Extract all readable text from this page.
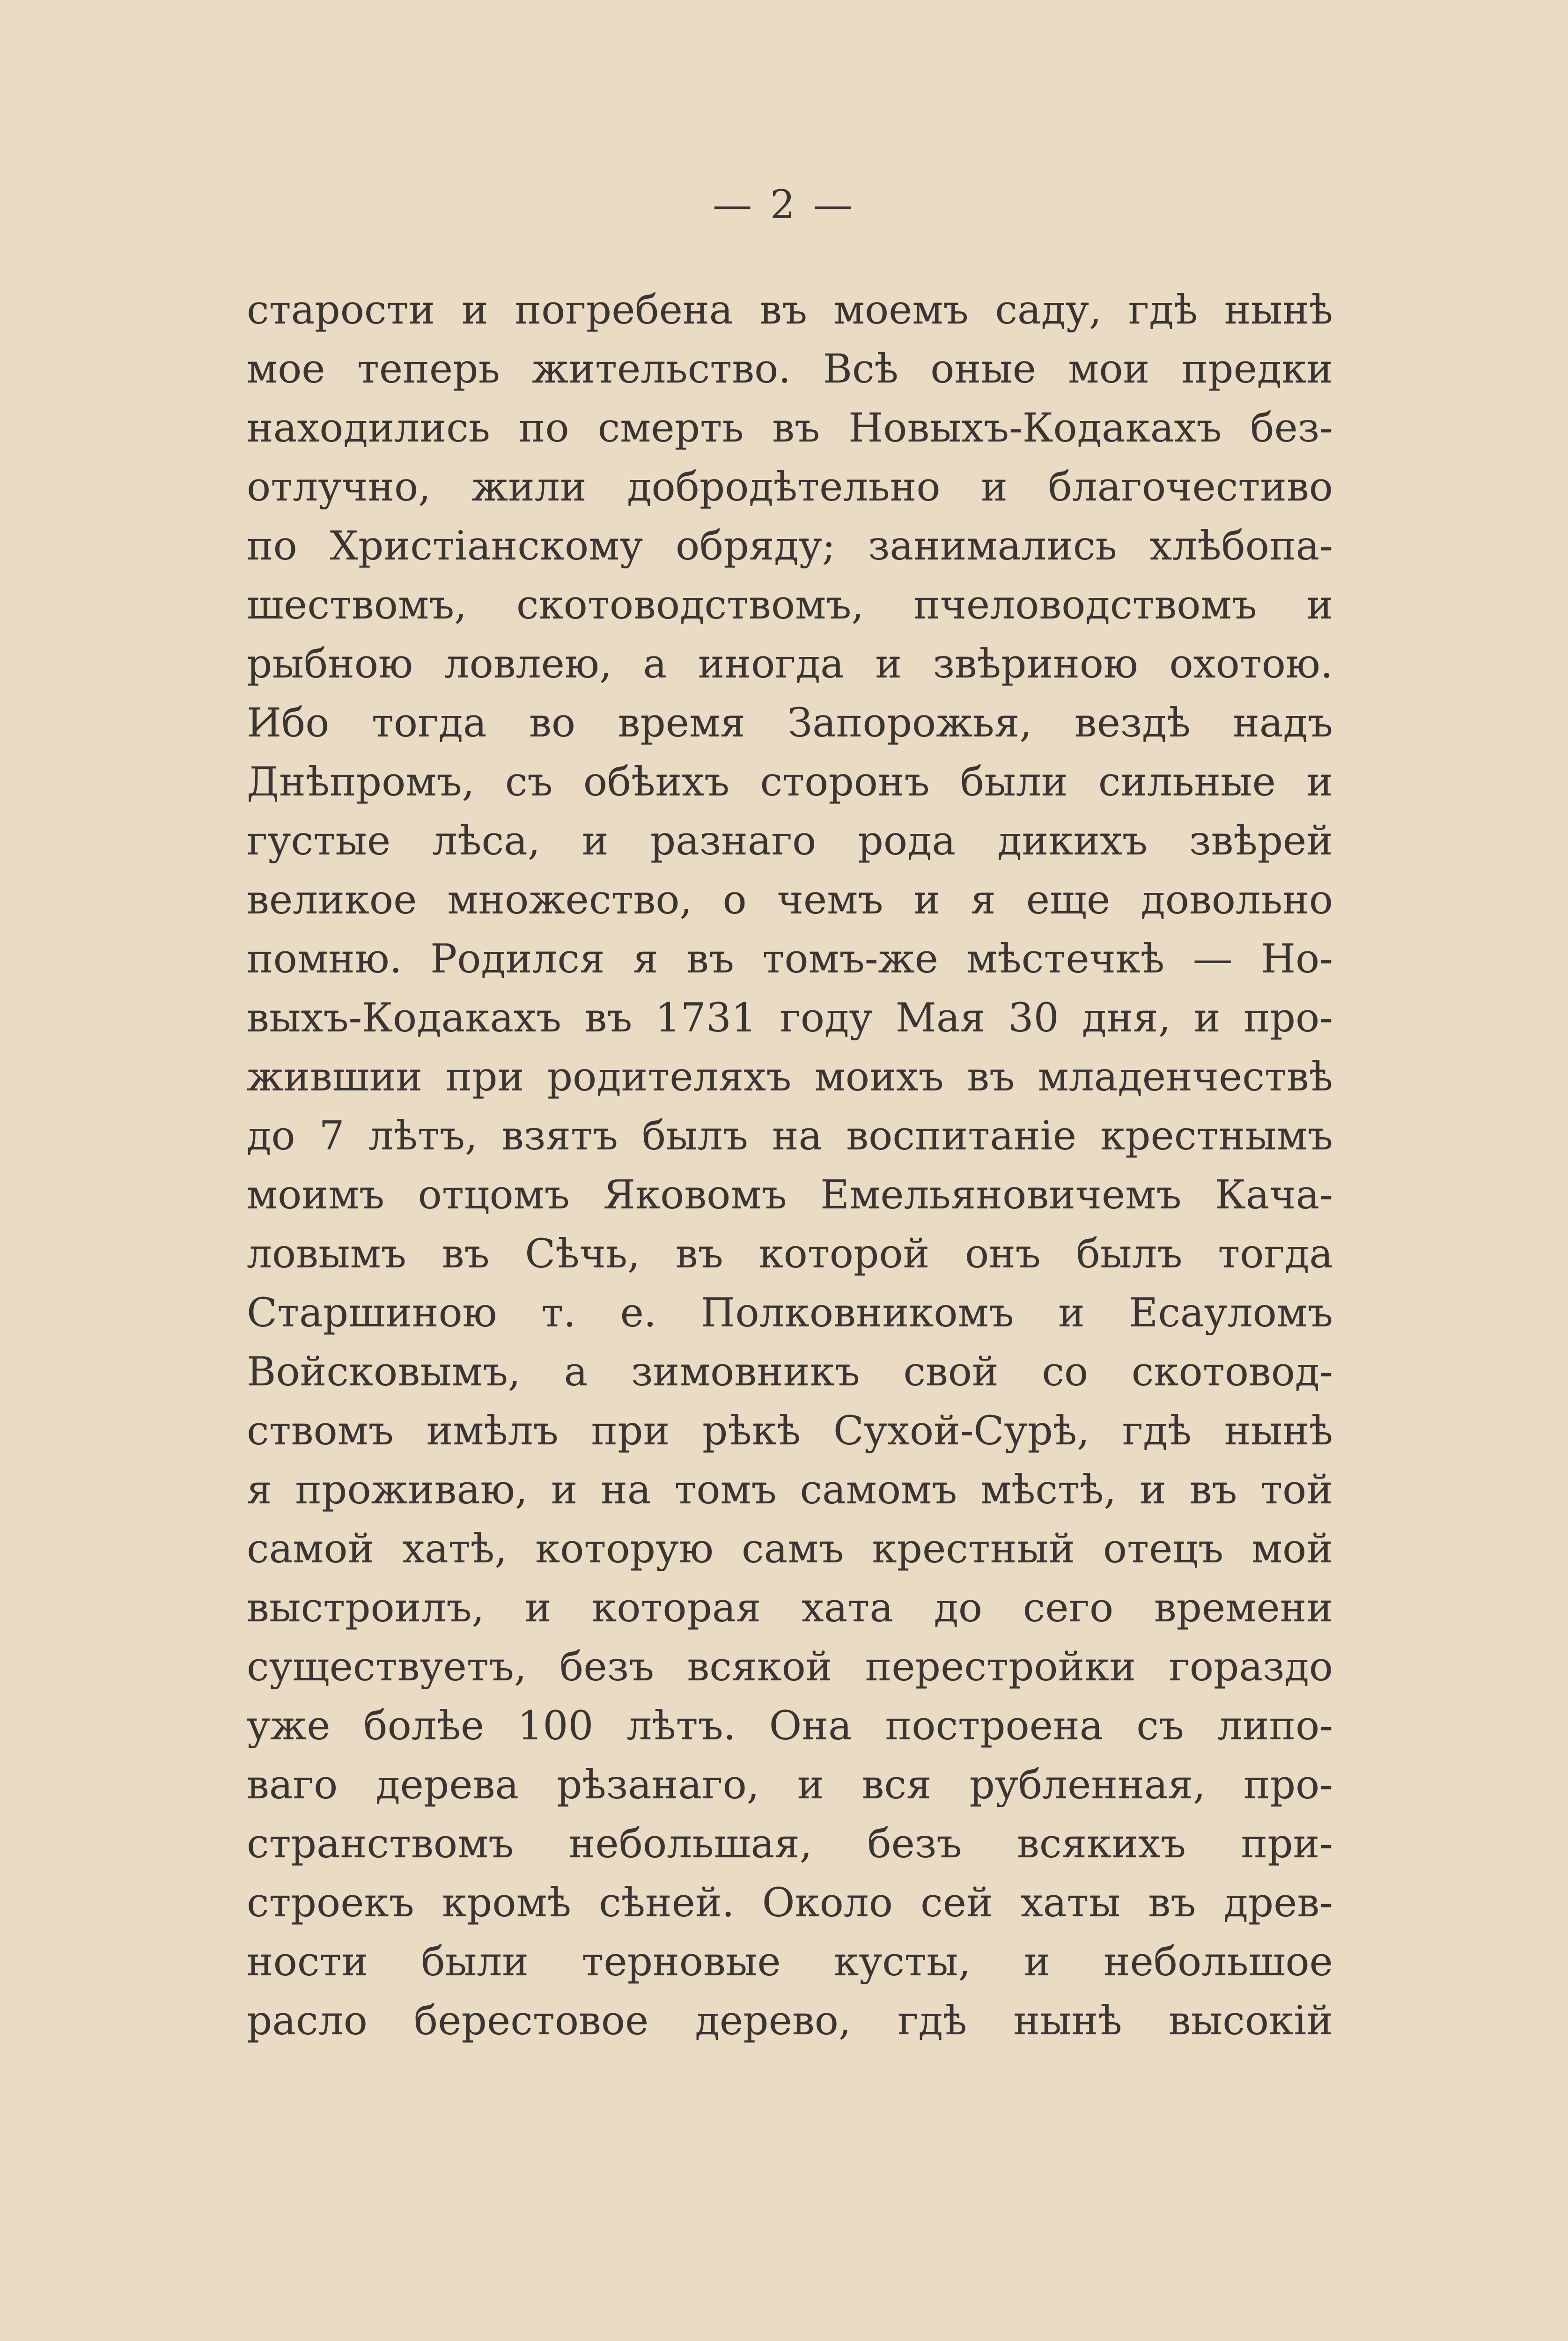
— 2 —
старости и погребена въ моемъ саду, гдѣ нынѣ
мое теперь жительство. Всѣ оные мои предки
находились по смерть въ Новыхъ-Кодакахъ без-
отлучно, жили добродѣтельно и благочестиво
по Христіанскому обряду; занимались хлѣбопа-
шествомъ, скотоводствомъ, пчеловодствомъ и
рыбною ловлею, а иногда и звѣриною охотою.
Ибо тогда во время Запорожья, вездѣ надъ
Днѣпромъ, съ обѣихъ сторонъ были сильные и
густые лѣса, и разнаго рода дикихъ звѣрей
великое множество, о чемъ и я еще довольно
помню. Родился я въ томъ-же мѣстечкѣ — Но-
выхъ-Кодакахъ въ 1731 году Мая 30 дня, и про-
жившии при родителяхъ моихъ въ младенчествѣ
до 7 лѣтъ, взятъ былъ на воспитаніе крестнымъ
моимъ отцомъ Яковомъ Емельяновичемъ Кача-
ловымъ въ Сѣчь, въ которой онъ былъ тогда
Старшиною т. е. Полковникомъ и Есауломъ
Войсковымъ, а зимовникъ свой со скотовод-
ствомъ имѣлъ при рѣкѣ Сухой-Сурѣ, гдѣ нынѣ
я проживаю, и на томъ самомъ мѣстѣ, и въ той
самой хатѣ, которую самъ крестный отецъ мой
выстроилъ, и которая хата до сего времени
существуетъ, безъ всякой перестройки гораздо
уже болѣе 100 лѣтъ. Она построена съ липо-
ваго дерева рѣзанаго, и вся рубленная, про-
странствомъ небольшая, безъ всякихъ при-
строекъ кромѣ сѣней. Около сей хаты въ древ-
ности были терновые кусты, и небольшое
расло берестовое дерево, гдѣ нынѣ высокій
